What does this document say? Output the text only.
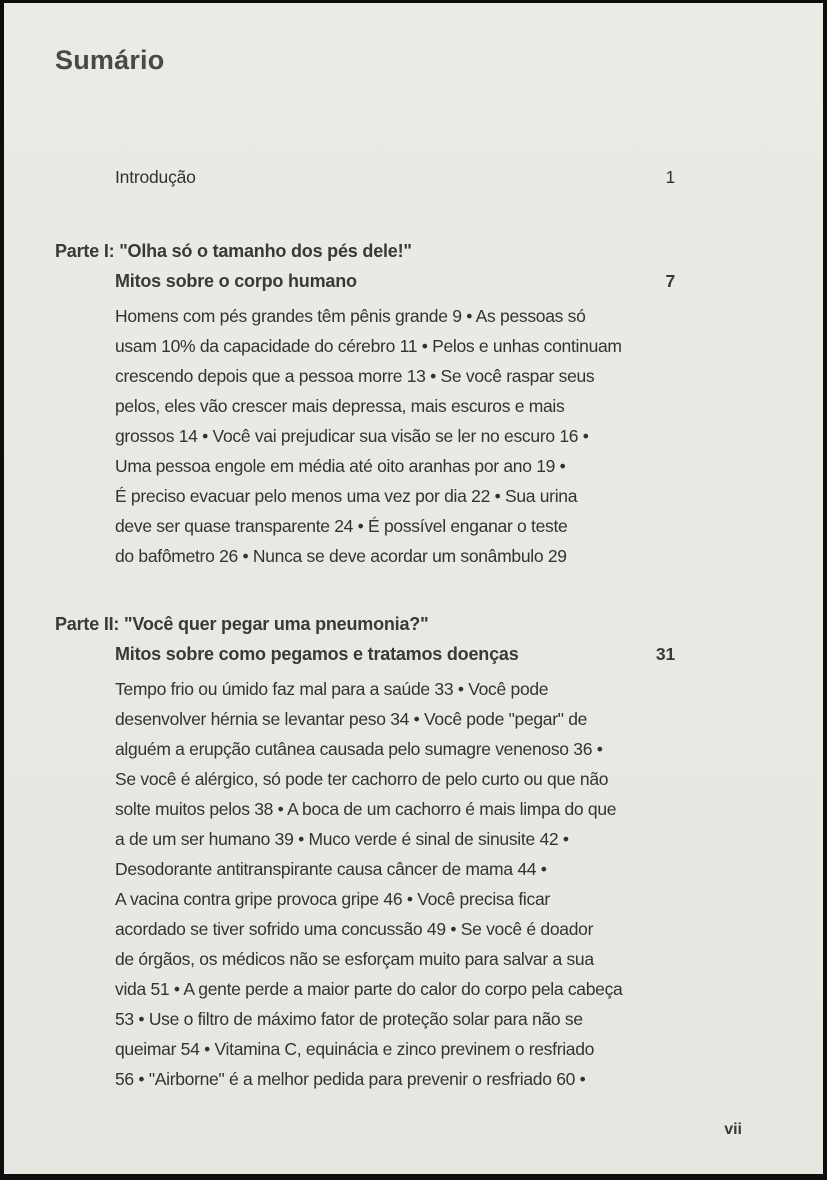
Sumário
Introdução	1
Parte I: "Olha só o tamanho dos pés dele!"
Mitos sobre o corpo humano	7
Homens com pés grandes têm pênis grande 9 • As pessoas só
usam 10% da capacidade do cérebro 11 • Pelos e unhas continuam
crescendo depois que a pessoa morre 13 • Se você raspar seus
pelos, eles vão crescer mais depressa, mais escuros e mais
grossos 14 • Você vai prejudicar sua visão se ler no escuro 16 •
Uma pessoa engole em média até oito aranhas por ano 19 •
É preciso evacuar pelo menos uma vez por dia 22 • Sua urina
deve ser quase transparente 24 • É possível enganar o teste
do bafômetro 26 • Nunca se deve acordar um sonâmbulo 29
Parte II: "Você quer pegar uma pneumonia?"
Mitos sobre como pegamos e tratamos doenças	31
Tempo frio ou úmido faz mal para a saúde 33 • Você pode
desenvolver hérnia se levantar peso 34 • Você pode "pegar" de
alguém a erupção cutânea causada pelo sumagre venenoso 36 •
Se você é alérgico, só pode ter cachorro de pelo curto ou que não
solte muitos pelos 38 • A boca de um cachorro é mais limpa do que
a de um ser humano 39 • Muco verde é sinal de sinusite 42 •
Desodorante antitranspirante causa câncer de mama 44 •
A vacina contra gripe provoca gripe 46 • Você precisa ficar
acordado se tiver sofrido uma concussão 49 • Se você é doador
de órgãos, os médicos não se esforçam muito para salvar a sua
vida 51 • A gente perde a maior parte do calor do corpo pela cabeça
53 • Use o filtro de máximo fator de proteção solar para não se
queimar 54 • Vitamina C, equinácia e zinco previnem o resfriado
56 • "Airborne" é a melhor pedida para prevenir o resfriado 60 •
vii
